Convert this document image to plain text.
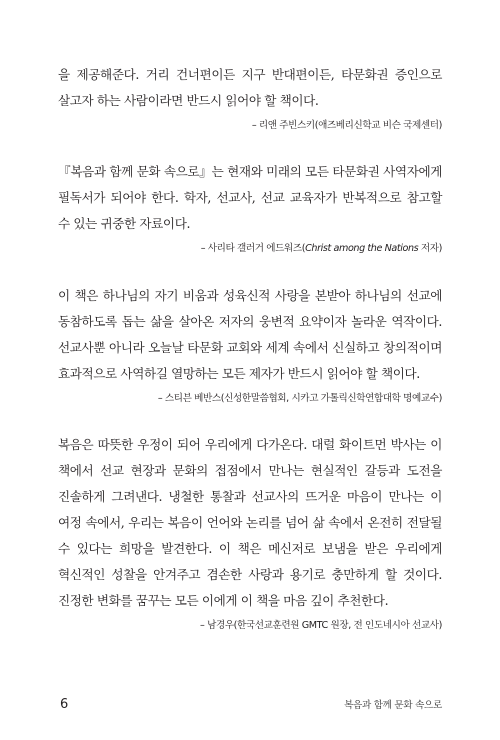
을 제공해준다. 거리 건너편이든 지구 반대편이든, 타문화권 증인으로 살고자 하는 사람이라면 반드시 읽어야 할 책이다.

– 리앤 주빈스키(애즈베리신학교 비슨 국제센터)

『복음과 함께 문화 속으로』는 현재와 미래의 모든 타문화권 사역자에게 필독서가 되어야 한다. 학자, 선교사, 선교 교육자가 반복적으로 참고할 수 있는 귀중한 자료이다.

– 사리타 갤러거 에드워즈(Christ among the Nations 저자)

이 책은 하나님의 자기 비움과 성육신적 사랑을 본받아 하나님의 선교에 동참하도록 돕는 삶을 살아온 저자의 웅변적 요약이자 놀라운 역작이다. 선교사뿐 아니라 오늘날 타문화 교회와 세계 속에서 신실하고 창의적이며 효과적으로 사역하길 열망하는 모든 제자가 반드시 읽어야 할 책이다.

– 스티븐 베반스(신성한말씀협회, 시카고 가톨릭신학연합대학 명예교수)

복음은 따뜻한 우정이 되어 우리에게 다가온다. 대럴 화이트먼 박사는 이 책에서 선교 현장과 문화의 접점에서 만나는 현실적인 갈등과 도전을 진솔하게 그려낸다. 냉철한 통찰과 선교사의 뜨거운 마음이 만나는 이 여정 속에서, 우리는 복음이 언어와 논리를 넘어 삶 속에서 온전히 전달될 수 있다는 희망을 발견한다. 이 책은 메신저로 보냄을 받은 우리에게 혁신적인 성찰을 안겨주고 겸손한 사랑과 용기로 충만하게 할 것이다. 진정한 변화를 꿈꾸는 모든 이에게 이 책을 마음 깊이 추천한다.

– 남경우(한국선교훈련원 GMTC 원장, 전 인도네시아 선교사)

6	복음과 함께 문화 속으로
